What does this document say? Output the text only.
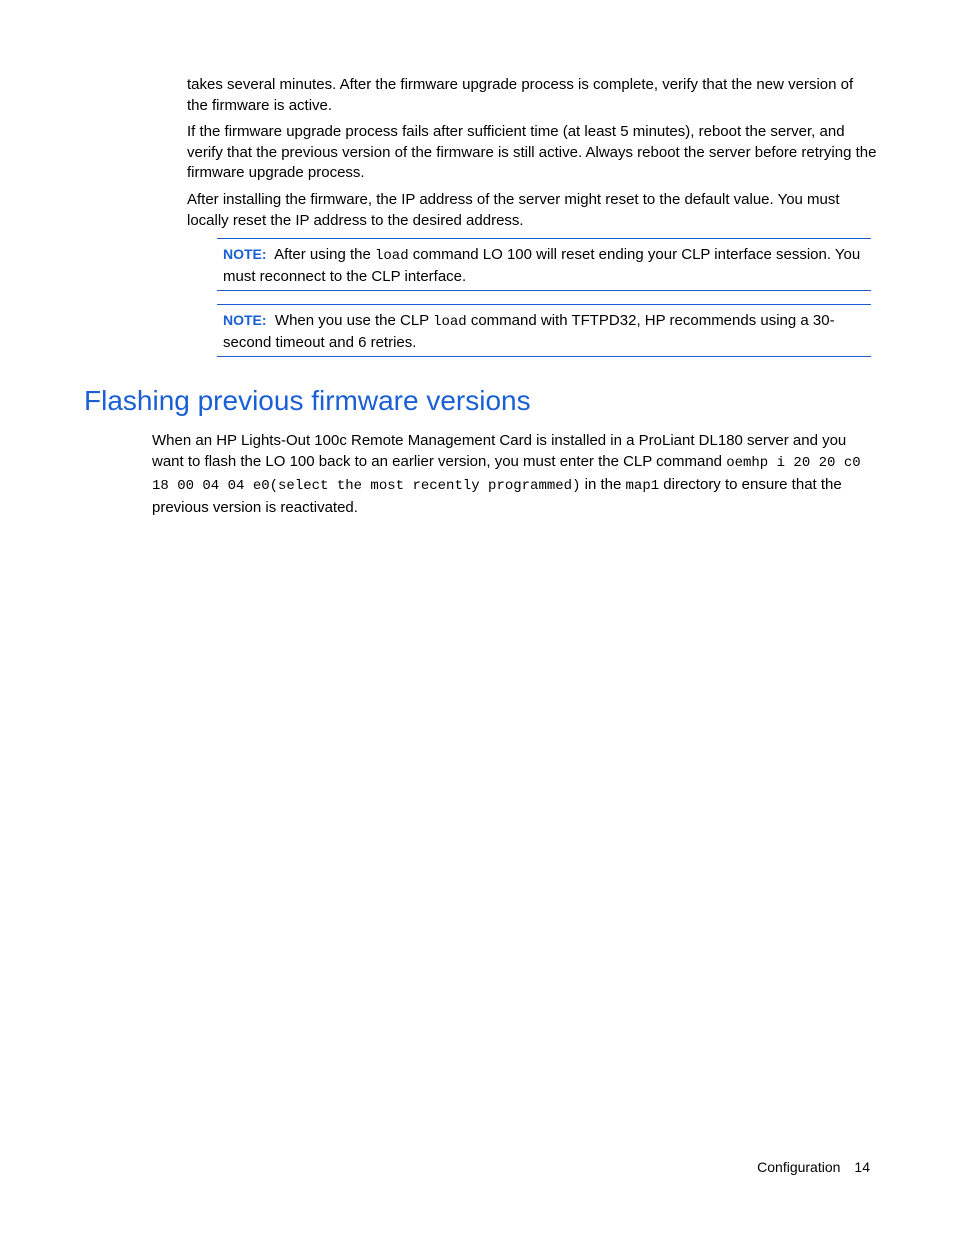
takes several minutes. After the firmware upgrade process is complete, verify that the new version of the firmware is active.

If the firmware upgrade process fails after sufficient time (at least 5 minutes), reboot the server, and verify that the previous version of the firmware is still active. Always reboot the server before retrying the firmware upgrade process.

After installing the firmware, the IP address of the server might reset to the default value. You must locally reset the IP address to the desired address.

NOTE: After using the load command LO 100 will reset ending your CLP interface session. You must reconnect to the CLP interface.
NOTE: When you use the CLP load command with TFTPD32, HP recommends using a 30-second timeout and 6 retries.
Flashing previous firmware versions

When an HP Lights-Out 100c Remote Management Card is installed in a ProLiant DL180 server and you want to flash the LO 100 back to an earlier version, you must enter the CLP command oemhp i 20 20 c0 18 00 04 04 e0(select the most recently programmed) in the map1 directory to ensure that the previous version is reactivated.

Configuration 14
